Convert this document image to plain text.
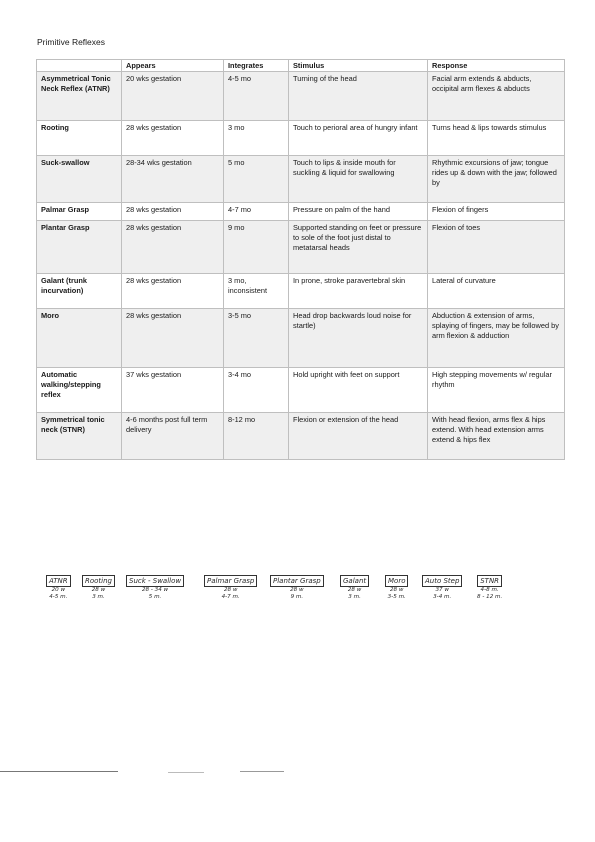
Primitive Reflexes
	Appears	Integrates	Stimulus	Response
Asymmetrical Tonic Neck Reflex (ATNR)	20 wks gestation	4-5 mo	Turning of the head	Facial arm extends & abducts, occipital arm flexes & abducts
Rooting	28 wks gestation	3 mo	Touch to perioral area of hungry infant	Turns head & lips towards stimulus
Suck-swallow	28-34 wks gestation	5 mo	Touch to lips & inside mouth for suckling & liquid for swallowing	Rhythmic excursions of jaw; tongue rides up & down with the jaw; followed by
Palmar Grasp	28 wks gestation	4-7 mo	Pressure on palm of the hand	Flexion of fingers
Plantar Grasp	28 wks gestation	9 mo	Supported standing on feet or pressure to sole of the foot just distal to metatarsal heads	Flexion of toes
Galant (trunk incurvation)	28 wks gestation	3 mo, inconsistent	In prone, stroke paravertebral skin	Lateral of curvature
Moro	28 wks gestation	3-5 mo	Head drop backwards loud noise for startle)	Abduction & extension of arms, splaying of fingers, may be followed by arm flexion & adduction
Automatic walking/stepping reflex	37 wks gestation	3-4 mo	Hold upright with feet on support	High stepping movements w/ regular rhythm
Symmetrical tonic neck (STNR)	4-6 months post full term delivery	8-12 mo	Flexion or extension of the head	With head flexion, arms flex & hips extend. With head extension arms extend & hips flex
ATNR
20 w
4-5 m.
Rooting
28 w
3 m.
Suck - Swallow
28 - 34 w
5 m.
Palmar Grasp
28 w
4-7 m.
Plantar Grasp
28 w
9 m.
Galant
28 w
3 m.
Moro
28 w
3-5 m.
Auto Step
37 w
3-4 m.
STNR
4-8 m.
8 - 12 m.
